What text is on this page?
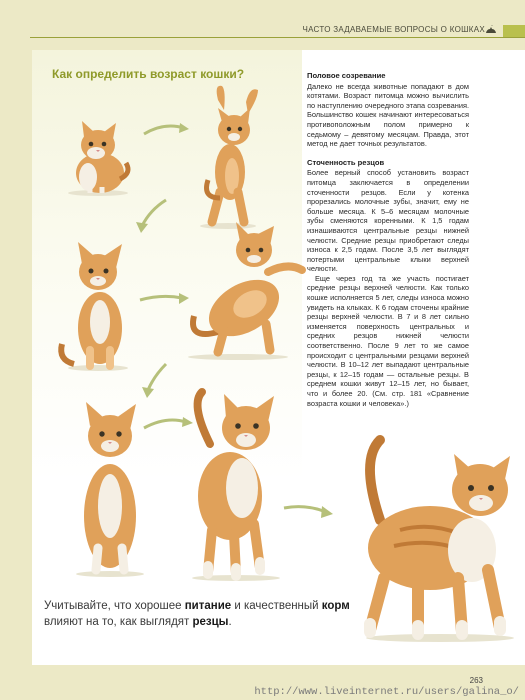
ЧАСТО ЗАДАВАЕМЫЕ ВОПРОСЫ О КОШКАХ
Как определить возраст кошки?	Половое созревание

Далеко не всегда животные попадают в дом котятами. Возраст питомца можно вычислить по наступлению очередного этапа созревания. Большинство кошек начинают интересоваться противоположным полом примерно к седьмому – девятому месяцам. Правда, этот метод не дает точных результатов.

Сточенность резцов

Более верный способ установить возраст питомца заключается в определении сточенности резцов. Если у котенка прорезались молочные зубы, значит, ему не больше месяца. К 5–6 месяцам молочные зубы сменяются коренными. К 1,5 годам изнашиваются центральные резцы нижней челюсти. Средние резцы приобретают следы износа к 2,5 годам. После 3,5 лет выглядят потертыми центральные клыки верхней челюсти.

Еще через год та же участь постигает средние резцы верхней челюсти. Как только кошке исполняется 5 лет, следы износа можно увидеть на клыках. К 6 годам сточены крайние резцы верхней челюсти. В 7 и 8 лет сильно изменяется поверхность центральных и средних резцов нижней челюсти соответственно. После 9 лет то же самое происходит с центральными резцами верхней челюсти. В 10–12 лет выпадают центральные резцы, к 12–15 годам — остальные резцы. В среднем кошки живут 12–15 лет, но бывает, что и более 20. (См. стр. 181 «Сравнение возраста кошки и человека».)

Учитывайте, что хорошее питание и качественный корм влияют на то, как выглядят резцы.

263
http://www.liveinternet.ru/users/galina_o/
